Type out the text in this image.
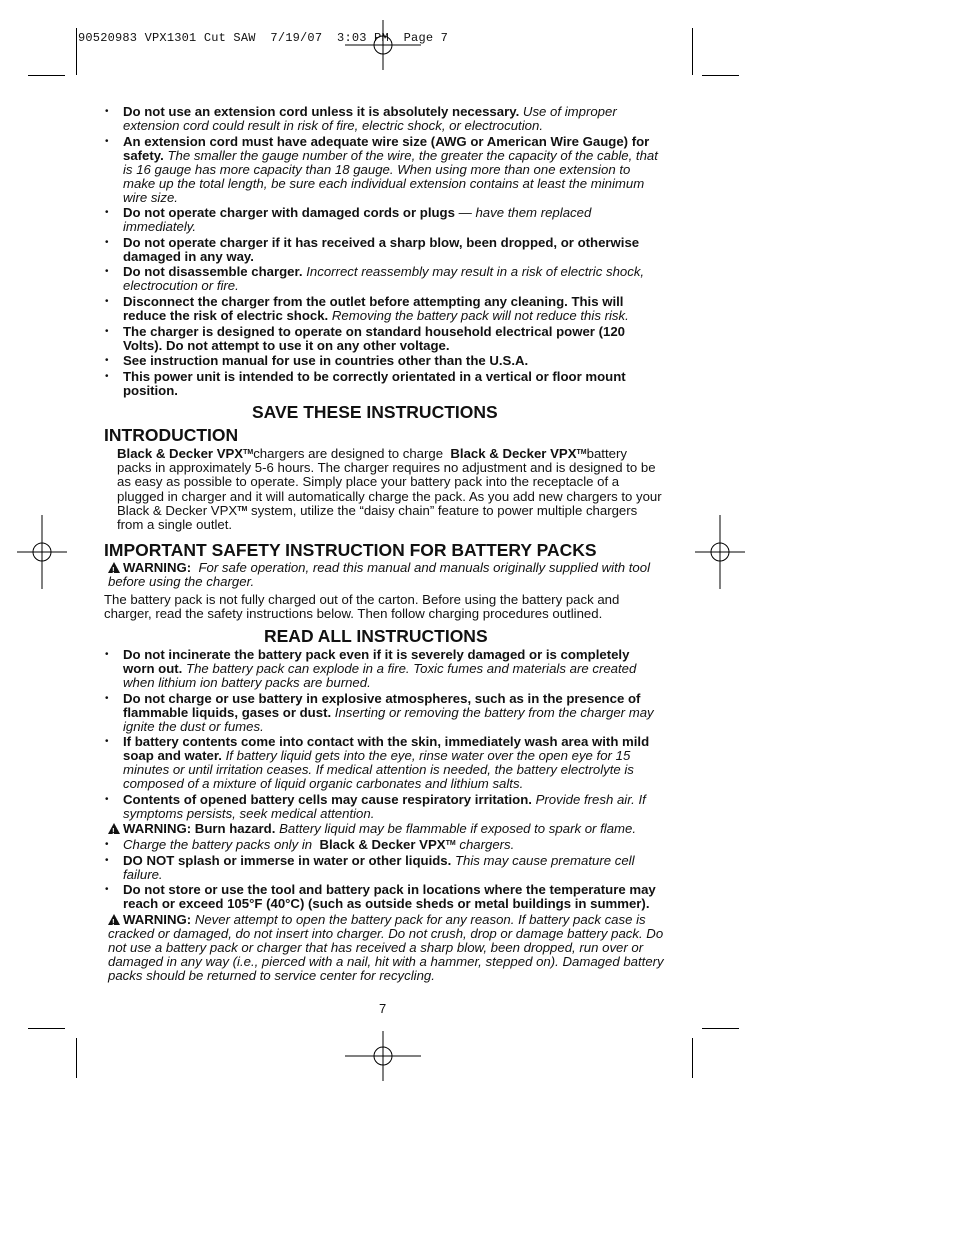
90520983 VPX1301 Cut SAW  7/19/07  3:03 PM  Page 7
• Do not use an extension cord unless it is absolutely necessary. Use of improper extension cord could result in risk of fire, electric shock, or electrocution.
• An extension cord must have adequate wire size (AWG or American Wire Gauge) for safety. The smaller the gauge number of the wire, the greater the capacity of the cable, that is 16 gauge has more capacity than 18 gauge. When using more than one extension to make up the total length, be sure each individual extension contains at least the minimum wire size.
• Do not operate charger with damaged cords or plugs — have them replaced immediately.
• Do not operate charger if it has received a sharp blow, been dropped, or otherwise damaged in any way.
• Do not disassemble charger. Incorrect reassembly may result in a risk of electric shock, electrocution or fire.
• Disconnect the charger from the outlet before attempting any cleaning. This will reduce the risk of electric shock. Removing the battery pack will not reduce this risk.
• The charger is designed to operate on standard household electrical power (120 Volts). Do not attempt to use it on any other voltage.
• See instruction manual for use in countries other than the U.S.A.
• This power unit is intended to be correctly orientated in a vertical or floor mount position.
SAVE THESE INSTRUCTIONS
INTRODUCTION
Black & Decker VPX™chargers are designed to charge Black & Decker VPX™battery packs in approximately 5-6 hours. The charger requires no adjustment and is designed to be as easy as possible to operate. Simply place your battery pack into the receptacle of a plugged in charger and it will automatically charge the pack. As you add new chargers to your Black & Decker VPX™ system, utilize the “daisy chain” feature to power multiple chargers from a single outlet.
IMPORTANT SAFETY INSTRUCTION FOR BATTERY PACKS
!WARNING: For safe operation, read this manual and manuals originally supplied with tool before using the charger.
The battery pack is not fully charged out of the carton. Before using the battery pack and charger, read the safety instructions below. Then follow charging procedures outlined.
READ ALL INSTRUCTIONS
• Do not incinerate the battery pack even if it is severely damaged or is completely worn out. The battery pack can explode in a fire. Toxic fumes and materials are created when lithium ion battery packs are burned.
• Do not charge or use battery in explosive atmospheres, such as in the presence of flammable liquids, gases or dust. Inserting or removing the battery from the charger may ignite the dust or fumes.
• If battery contents come into contact with the skin, immediately wash area with mild soap and water. If battery liquid gets into the eye, rinse water over the open eye for 15 minutes or until irritation ceases. If medical attention is needed, the battery electrolyte is composed of a mixture of liquid organic carbonates and lithium salts.
• Contents of opened battery cells may cause respiratory irritation. Provide fresh air. If symptoms persists, seek medical attention.
!WARNING: Burn hazard. Battery liquid may be flammable if exposed to spark or flame.
• Charge the battery packs only in Black & Decker VPX™ chargers.
• DO NOT splash or immerse in water or other liquids. This may cause premature cell failure.
• Do not store or use the tool and battery pack in locations where the temperature may reach or exceed 105°F (40°C) (such as outside sheds or metal buildings in summer).
!WARNING: Never attempt to open the battery pack for any reason. If battery pack case is cracked or damaged, do not insert into charger. Do not crush, drop or damage battery pack. Do not use a battery pack or charger that has received a sharp blow, been dropped, run over or damaged in any way (i.e., pierced with a nail, hit with a hammer, stepped on). Damaged battery packs should be returned to service center for recycling.
7
